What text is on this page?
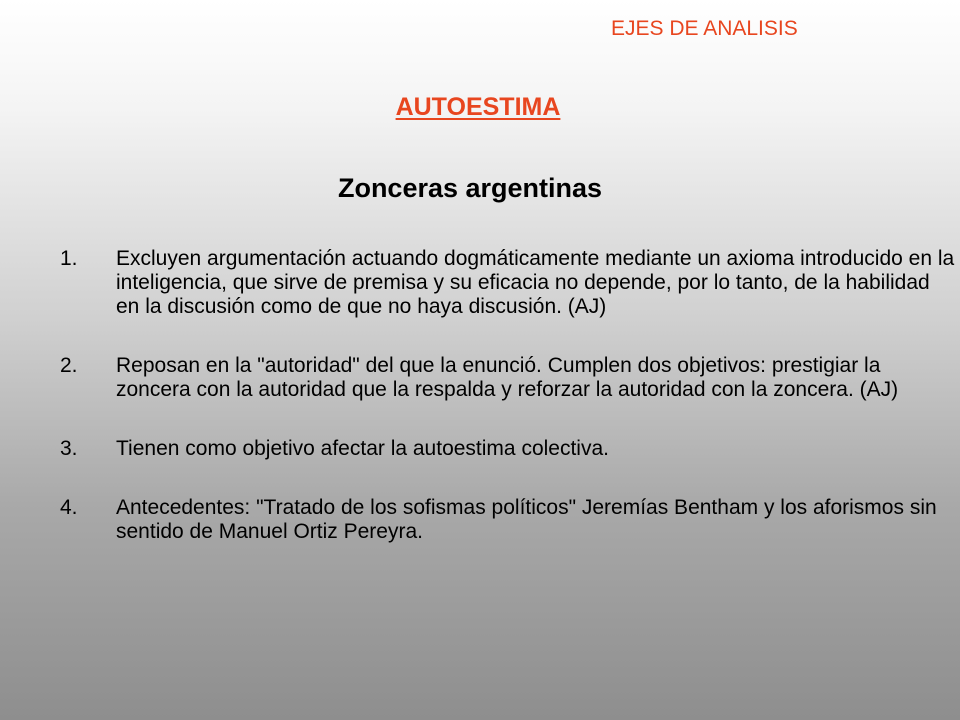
EJES DE ANALISIS
AUTOESTIMA
Zonceras argentinas
1. Excluyen argumentación actuando dogmáticamente mediante un axioma introducido en la inteligencia, que sirve de premisa y su eficacia no depende, por lo tanto, de la habilidad en la discusión como de que no haya discusión. (AJ)
2. Reposan en la "autoridad" del que la enunció. Cumplen dos objetivos: prestigiar la zoncera con la autoridad que la respalda y reforzar la autoridad con la zoncera. (AJ)
3. Tienen como objetivo afectar la autoestima colectiva.
4. Antecedentes: "Tratado de los sofismas políticos" Jeremías Bentham y los aforismos sin sentido de Manuel Ortiz Pereyra.
